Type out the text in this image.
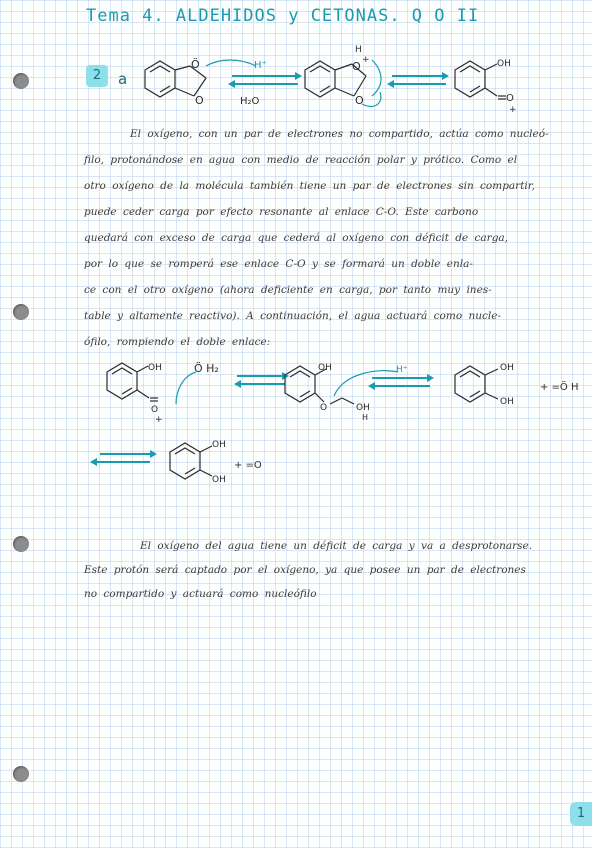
Tema 4. ALDEHIDOS y CETONAS. Q O II
2	a
Ö
O
H⁺
H₂O
H
O +
O
OH
O
+
El oxígeno, con un par de electrones no compartido, actúa como nucleó-
filo, protonándose en agua con medio de reacción polar y prótico. Como el
otro oxígeno de la molécula también tiene un par de electrones sin compartir,
puede ceder carga por efecto resonante al enlace C-O. Este carbono
quedará con exceso de carga que cederá al oxígeno con déficit de carga,
por lo que se romperá ese enlace C-O y se formará un doble enla-
ce con el otro oxígeno (ahora deficiente en carga, por tanto muy ines-
table y altamente reactivo). A continuación, el agua actuará como nucle-
ófilo, rompiendo el doble enlace:
OH
O
+
Ö H₂	OH
O	OH
H
H⁺	OH
OH
+ =Ö H
OH
OH
+ =O
El oxígeno del agua tiene un déficit de carga y va a desprotonarse.
Este protón será captado por el oxígeno, ya que posee un par de electrones
no compartido y actuará como nucleófilo
1
